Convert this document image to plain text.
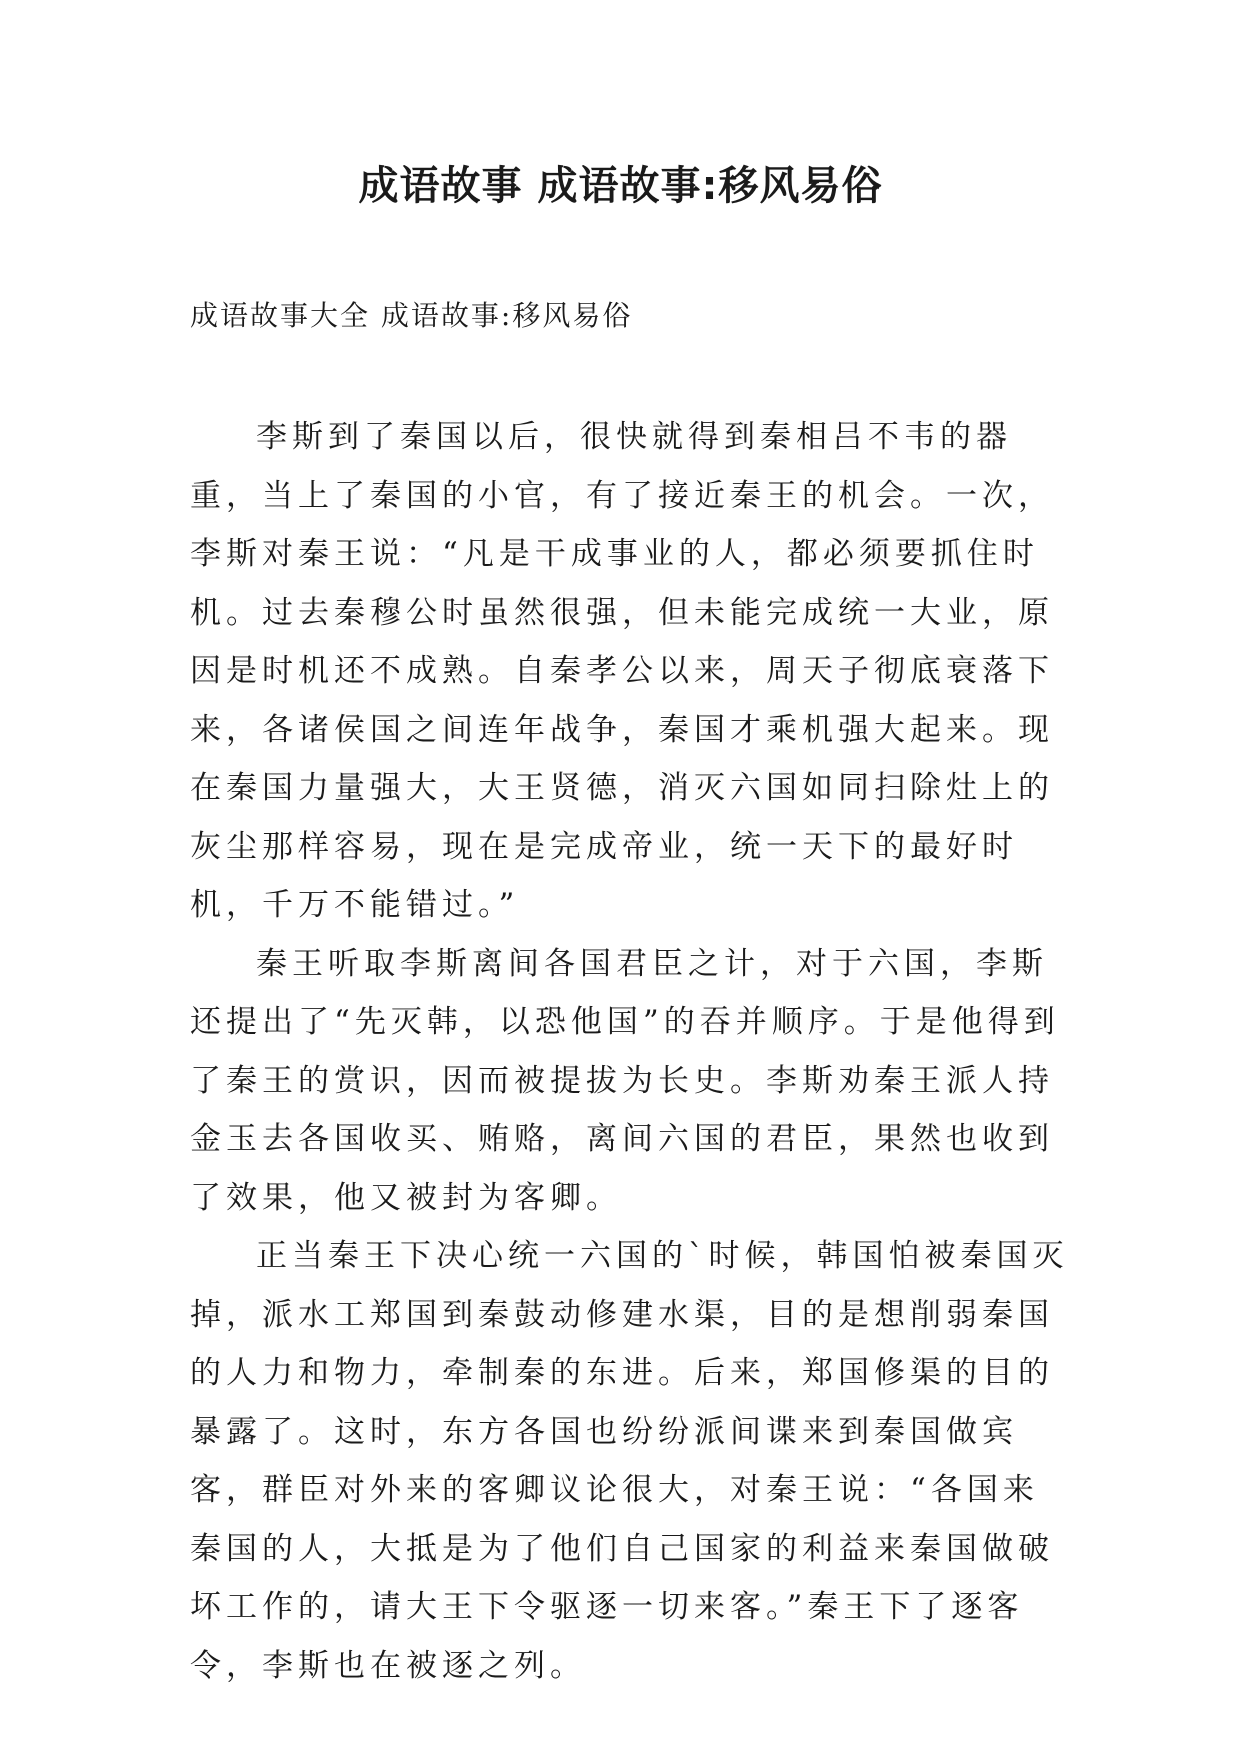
成语故事 成语故事:移风易俗
成语故事大全 成语故事:移风易俗

李斯到了秦国以后，很快就得到秦相吕不韦的器重，当上了秦国的小官，有了接近秦王的机会。一次，李斯对秦王说：“凡是干成事业的人，都必须要抓住时机。过去秦穆公时虽然很强，但未能完成统一大业，原因是时机还不成熟。自秦孝公以来，周天子彻底衰落下来，各诸侯国之间连年战争，秦国才乘机强大起来。现在秦国力量强大，大王贤德，消灭六国如同扫除灶上的灰尘那样容易，现在是完成帝业，统一天下的最好时机，千万不能错过。”

秦王听取李斯离间各国君臣之计，对于六国，李斯还提出了“先灭韩，以恐他国”的吞并顺序。于是他得到了秦王的赏识，因而被提拔为长史。李斯劝秦王派人持金玉去各国收买、贿赂，离间六国的君臣，果然也收到了效果，他又被封为客卿。

正当秦王下决心统一六国的`时候，韩国怕被秦国灭掉，派水工郑国到秦鼓动修建水渠，目的是想削弱秦国的人力和物力，牵制秦的东进。后来，郑国修渠的目的暴露了。这时，东方各国也纷纷派间谍来到秦国做宾客，群臣对外来的客卿议论很大，对秦王说：“各国来秦国的人，大抵是为了他们自己国家的利益来秦国做破坏工作的，请大王下令驱逐一切来客。”秦王下了逐客令，李斯也在被逐之列。
